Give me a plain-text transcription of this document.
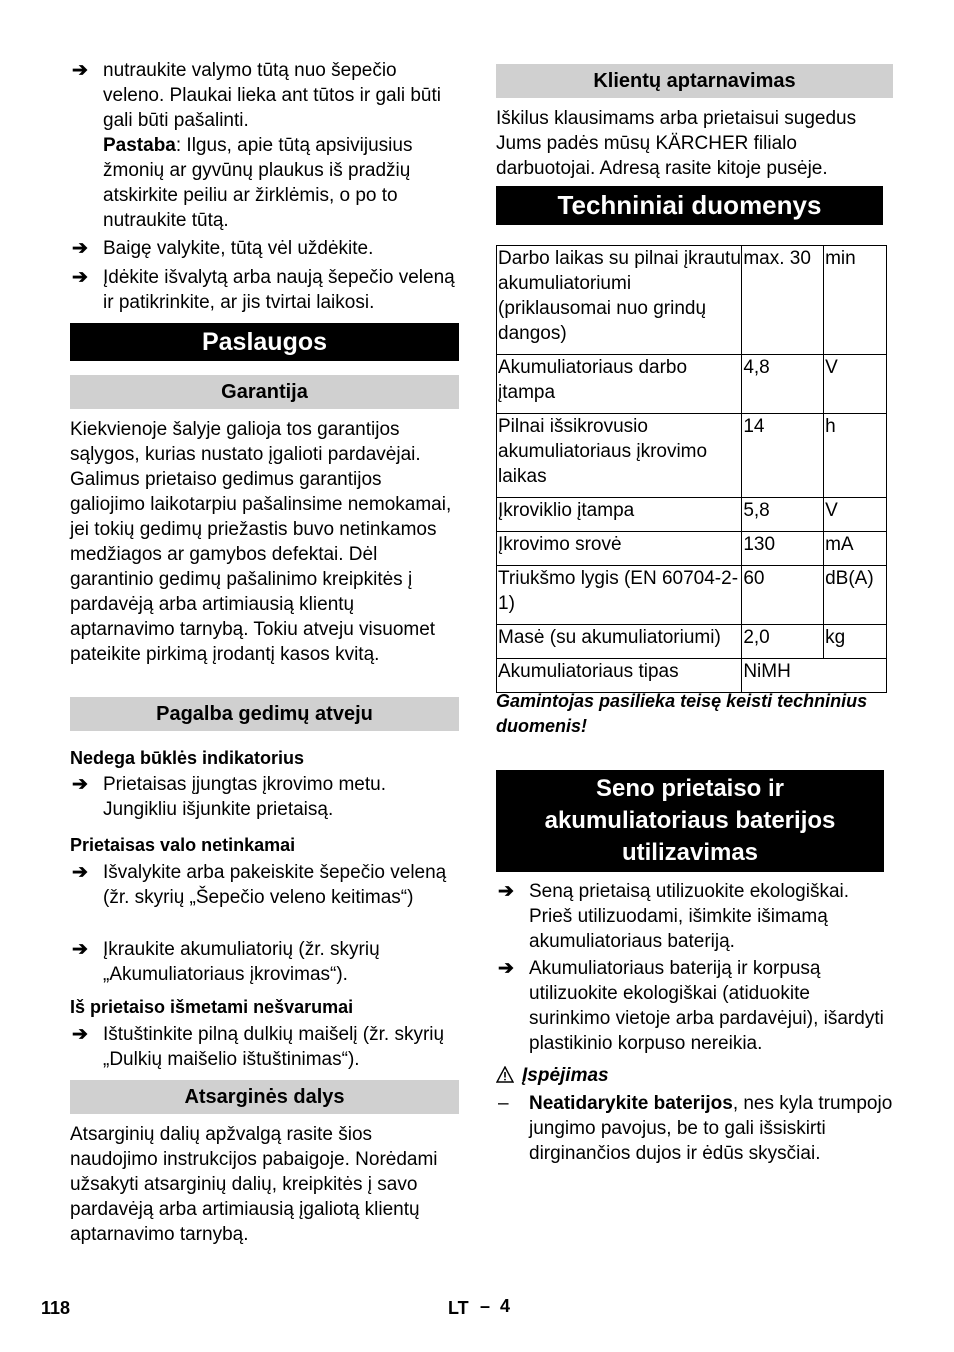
➔ nutraukite valymo tūtą nuo šepečio veleno. Plaukai lieka ant tūtos ir gali būti gali būti pašalinti.
Pastaba: Ilgus, apie tūtą apsivijusius žmonių ar gyvūnų plaukus iš pradžių atskirkite peiliu ar žirklėmis, o po to nutraukite tūtą.
➔ Baigę valykite, tūtą vėl uždėkite.
➔ Įdėkite išvalytą arba naują šepečio veleną ir patikrinkite, ar jis tvirtai laikosi.
Paslaugos
Garantija

Kiekvienoje šalyje galioja tos garantijos sąlygos, kurias nustato įgalioti pardavėjai. Galimus prietaiso gedimus garantijos galiojimo laikotarpiu pašalinsime nemokamai, jei tokių gedimų priežastis buvo netinkamos medžiagos ar gamybos defektai. Dėl garantinio gedimų pašalinimo kreipkitės į pardavėją arba artimiausią klientų aptarnavimo tarnybą. Tokiu atveju visuomet pateikite pirkimą įrodantį kasos kvitą.

Pagalba gedimų atveju
Nedega būklės indikatorius
➔ Prietaisas įjungtas įkrovimo metu. Jungikliu išjunkite prietaisą.
Prietaisas valo netinkamai
➔ Išvalykite arba pakeiskite šepečio veleną (žr. skyrių „Šepečio veleno keitimas“)
➔ Įkraukite akumuliatorių (žr. skyrių „Akumuliatoriaus įkrovimas“).
Iš prietaiso išmetami nešvarumai
➔ Ištuštinkite pilną dulkių maišelį (žr. skyrių „Dulkių maišelio ištuštinimas“).
Atsarginės dalys

Atsarginių dalių apžvalgą rasite šios naudojimo instrukcijos pabaigoje. Norėdami užsakyti atsarginių dalių, kreipkitės į savo pardavėją arba artimiausią įgaliotą klientų aptarnavimo tarnybą.

Klientų aptarnavimas

Iškilus klausimams arba prietaisui sugedus Jums padės mūsų KÄRCHER filialo darbuotojai. Adresą rasite kitoje pusėje.

Techniniai duomenys
Darbo laikas su pilnai įkrautu akumuliatoriumi (priklausomai nuo grindų dangos)	max. 30	min
Akumuliatoriaus darbo įtampa	4,8	V
Pilnai išsikrovusio akumuliatoriaus įkrovimo laikas	14	h
Įkroviklio įtampa	5,8	V
Įkrovimo srovė	130	mA
Triukšmo lygis (EN 60704-2-1)	60	dB(A)
Masė (su akumuliatoriumi)	2,0	kg
Akumuliatoriaus tipas	NiMH	
Gamintojas pasilieka teisę keisti techninius duomenis!
Seno prietaiso ir akumuliatoriaus baterijos utilizavimas
➔ Seną prietaisą utilizuokite ekologiškai. Prieš utilizuodami, išimkite išimamą akumuliatoriaus bateriją.
➔ Akumuliatoriaus bateriją ir korpusą utilizuokite ekologiškai (atiduokite surinkimo vietoje arba pardavėjui), išardyti plastikinio korpuso nereikia.
Įspėjimas
– Neatidarykite baterijos, nes kyla trumpojo jungimo pavojus, be to gali išsiskirti dirginančios dujos ir ėdūs skysčiai.
118	LT – 4
